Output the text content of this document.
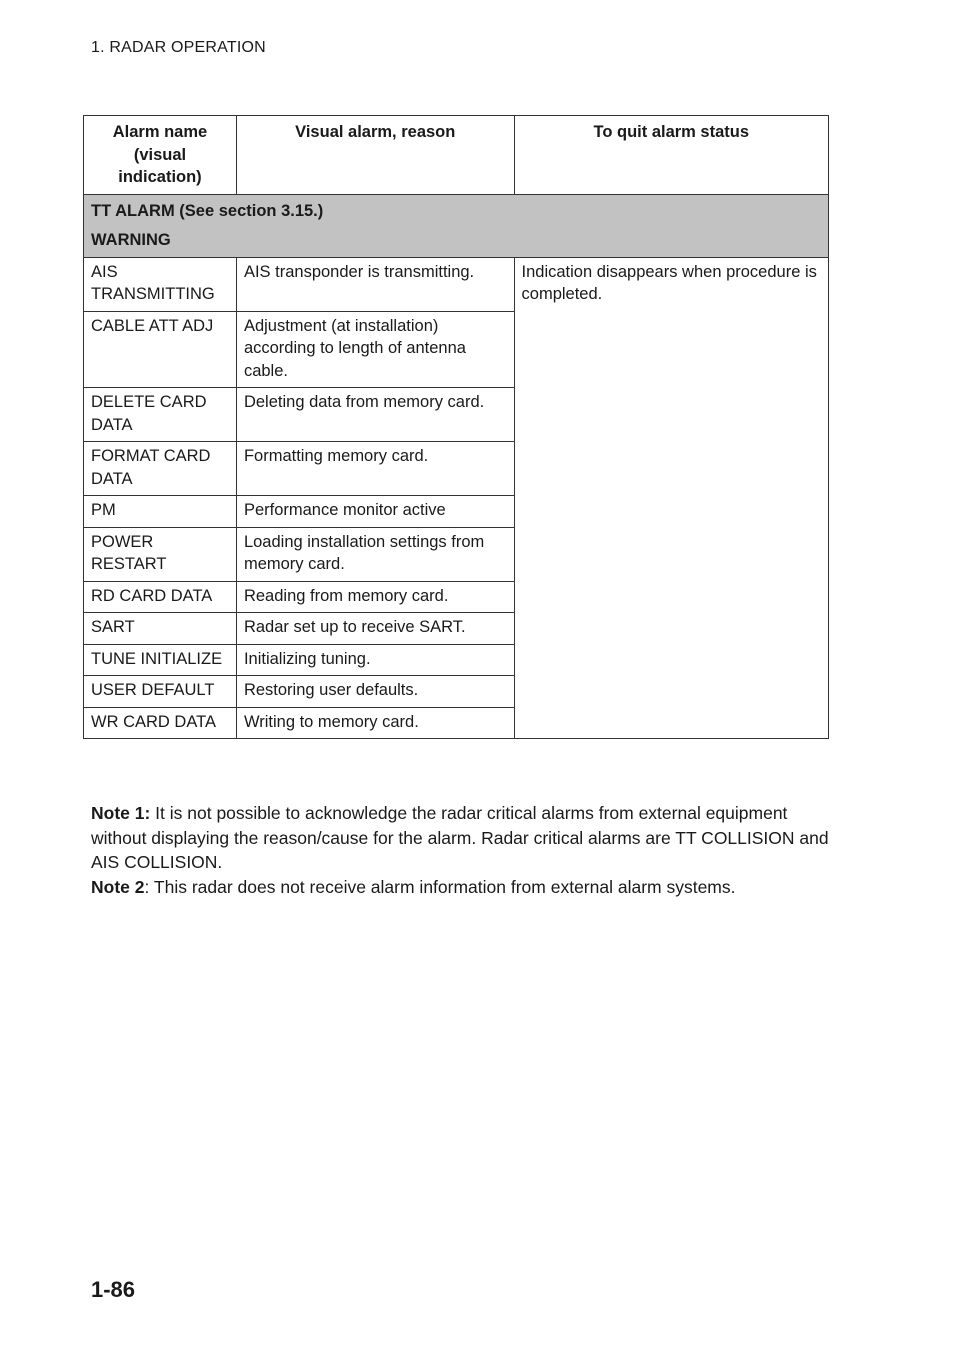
1. RADAR OPERATION
Alarm name (visual indication)	Visual alarm, reason	To quit alarm status
TT ALARM (See section 3.15.)		
WARNING		
AIS TRANSMITTING	AIS transponder is transmitting.	Indication disappears when procedure is completed.
CABLE ATT ADJ	Adjustment (at installation) according to length of antenna cable.	
DELETE CARD DATA	Deleting data from memory card.	
FORMAT CARD DATA	Formatting memory card.	
PM	Performance monitor active	
POWER RESTART	Loading installation settings from memory card.	
RD CARD DATA	Reading from memory card.	
SART	Radar set up to receive SART.	
TUNE INITIALIZE	Initializing tuning.	
USER DEFAULT	Restoring user defaults.	
WR CARD DATA	Writing to memory card.	

Note 1: It is not possible to acknowledge the radar critical alarms from external equipment without displaying the reason/cause for the alarm. Radar critical alarms are TT COLLISION and AIS COLLISION.

Note 2: This radar does not receive alarm information from external alarm systems.

1-86
